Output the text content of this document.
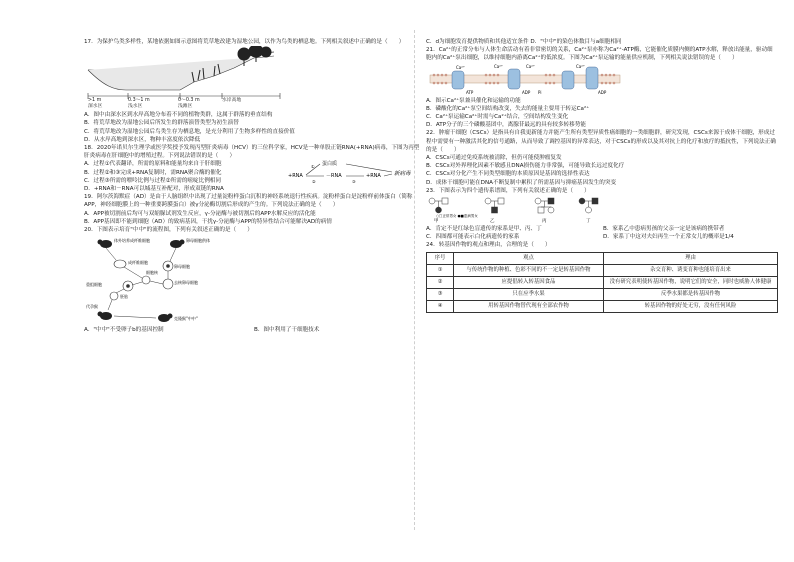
17．为保护鸟类多样性，某地依据如图示意图将荒草地改建为湿地公园，以作为鸟类的栖息地。下列相关叙述中正确的是（　　）

>1 m
深水区
0.3～1 m
浅水区
0～0.3 m
浅滩区
水岸高地

A．图中由深水区到水岸高地分布着不同的植物类群，这属于群落的垂直结构

B．将荒草地改为湿地公园后所发生的群落演替类型为初生演替

C．将荒草地改为湿地公园后鸟类生存为栖息地，是充分利用了生物多样性的直接价值

D．从水岸高地到深水区，物种丰富度依次降低

18．2020年诺贝尔生理学或医学奖授予发现丙型肝炎病毒（HCV）的三位科学家，HCV是一种单股正链RNA(+RNA)病毒，下图为丙型肝炎病毒在肝细胞中的增殖过程。下列说法错误的是（　　）

A．过程①代表翻译，所需的原料和能量均来自于肝细胞

B．过程②和③完成+RNA复制时，需RNA聚合酶的催化

C．过程③所需的嘌呤比例与过程②所需的嘧啶比例相同

D．+RNA和－RNA可以堿基互补配对，形成双链的RNA

+RNA
蛋白质
－RNA	+RNA 新病毒
①
②	③

19．阿尔茨海默症（AD）是由于人脑组织中出现了过量淀粉样蛋白沉积的神经系统退行性疾病。淀粉样蛋白是淀粉样前体蛋白（简称APP，神经细胞膜上的一种重要跨膜蛋白）被γ分泌酶切割后形成的产生的。下列说法正确的是（　　）

A．APP被切割前后均可与双缩脲试剂发生反应，γ-分泌酶与被切割后的APP水解反应的活化能

B．APP基因即不能到细胞（AD）的致病基因，干扰γ-分泌酶与APP的特异性结合可能解决AD的病情

20．下图表示培育"中中"的流程图，下列有关叙述正确的是（　　）

成纤维细胞
细胞核
卵母细胞
去核卵母细胞
体外培养成纤维细胞	卵母细胞供体
重组细胞
胚胎
代孕猴
克隆猴"中中"
A．"中中"不受卵子b的基因控制	B．图中利用了干细胞技术

C．d为细胞发育提供物质和其他适宜条件 D．"中中"的染色体数目与a细胞相同

21．Ca²⁺的正常分布与人体生命活动有着非常密切的关系，Ca²⁺泵亦称为Ca²⁺-ATP酶，它能催化质膜内侧的ATP水解，释放出能量，驱动细胞内的Ca²⁺泵出细胞，以维持细胞内游离Ca²⁺的低浓度。下图为Ca²⁺泵运输的能量供应机制，下列相关说法错误的是（　　）

Ca²⁺	Ca²⁺	Ca²⁺	Ca²⁺
ATP	ADP	ADP
Pi

A．图示Ca²⁺泵兼具催化和运输的功能

B．磷酸化的Ca²⁺泵空间结构改变，失去的能量主要用于转运Ca²⁺

C．Ca²⁺泵运输Ca²⁺时需与Ca²⁺结合，空间结构发生变化

D．ATP分子的三个磷酸基团中，离腺苷最远的具有较多转移势能

22．肿瘤干细胞（CSCs）是指具有自我更新能力并能产生所有类型异质性癌细胞的一类细胞群，研究发现，CSCs来源于成体干细胞，形成过程中需要有一种激活其化的信号通路，从而导致了调控基因的异常表达，对于CSCs的形成以及其对抗上的化疗和放疗的抵抗性，下列说法正确的是（　　）

A．CSCs可通过免疫系统被清除，但仍可能使肿瘤复发

B．CSCs对外界理化因素不敏感且DNA损伤能力非常强，可能导致长远过度化疗

C．CSCs对分化产生不同类型细胞的本质原因是基因的选择性表达

D．成体干细胞可能在DNA不断复制中累积了所需基因与抑癌基因发生的突变

23．下图表示为四个遗传系谱图，下列有关叙述正确的是（　　）

甲	乙	丙	丁
○□正常男女 ●■患病男女
A．肯定不是红绿色盲遗传的家系是甲、丙、丁	B．家系乙中患病男孩的父亲一定是该病的携带者
C．四图都可能表示白化病遗传的家系	D．家系丁中这对夫妇再生一个正常女儿的概率是1/4

24．转基因作物的观点和理由，合理的是（　　）

序号	观点	理由
①	与传统作物的种植、色彩不同的不一定是转基因作物	杂交育种、诱变育种也能培育出来
②	应提倡转入转基因食品	没有研究表明使转基因作物，说明它们的安全，同时也威胁人体健康
③	只在应季水果	反季水果都是转基因作物
④	用转基因作物替代现有全部农作物	转基因作物的好处无穷，没有任何风险
